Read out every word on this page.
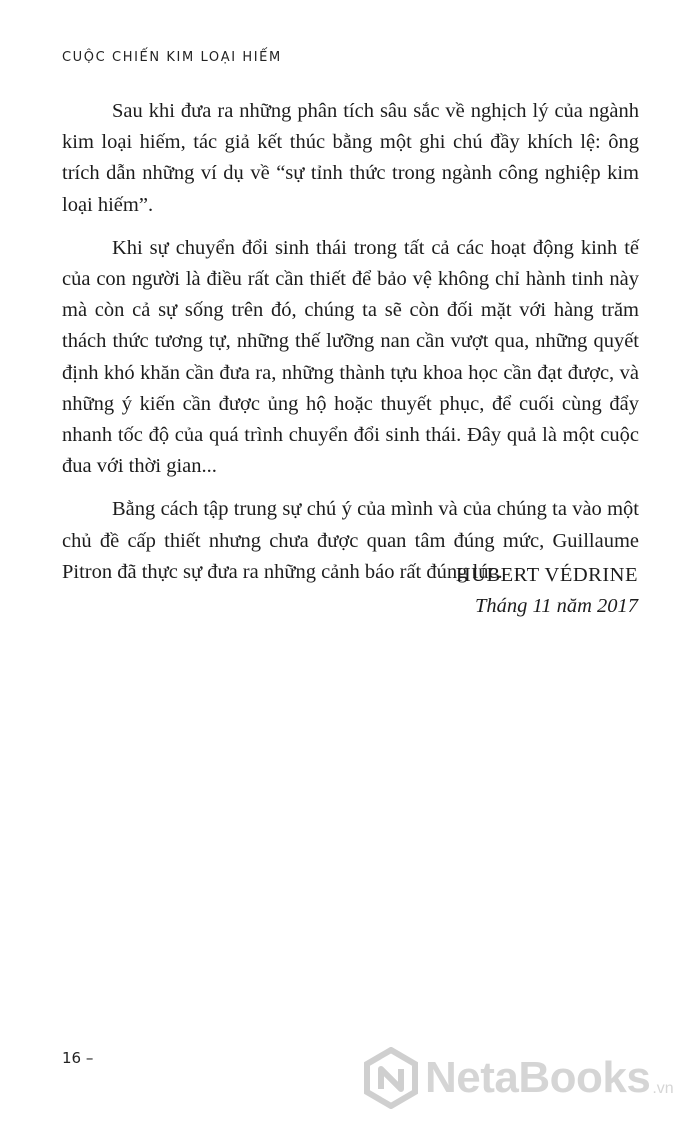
CUỘC CHIẾN KIM LOẠI HIẾM

Sau khi đưa ra những phân tích sâu sắc về nghịch lý của ngành kim loại hiếm, tác giả kết thúc bằng một ghi chú đầy khích lệ: ông trích dẫn những ví dụ về “sự tỉnh thức trong ngành công nghiệp kim loại hiếm”.

Khi sự chuyển đổi sinh thái trong tất cả các hoạt động kinh tế của con người là điều rất cần thiết để bảo vệ không chỉ hành tinh này mà còn cả sự sống trên đó, chúng ta sẽ còn đối mặt với hàng trăm thách thức tương tự, những thế lưỡng nan cần vượt qua, những quyết định khó khăn cần đưa ra, những thành tựu khoa học cần đạt được, và những ý kiến cần được ủng hộ hoặc thuyết phục, để cuối cùng đẩy nhanh tốc độ của quá trình chuyển đổi sinh thái. Đây quả là một cuộc đua với thời gian...

Bằng cách tập trung sự chú ý của mình và của chúng ta vào một chủ đề cấp thiết nhưng chưa được quan tâm đúng mức, Guillaume Pitron đã thực sự đưa ra những cảnh báo rất đúng lúc.

HUBERT VÉDRINE
Tháng 11 năm 2017
16 –	NetaBooks .vn
